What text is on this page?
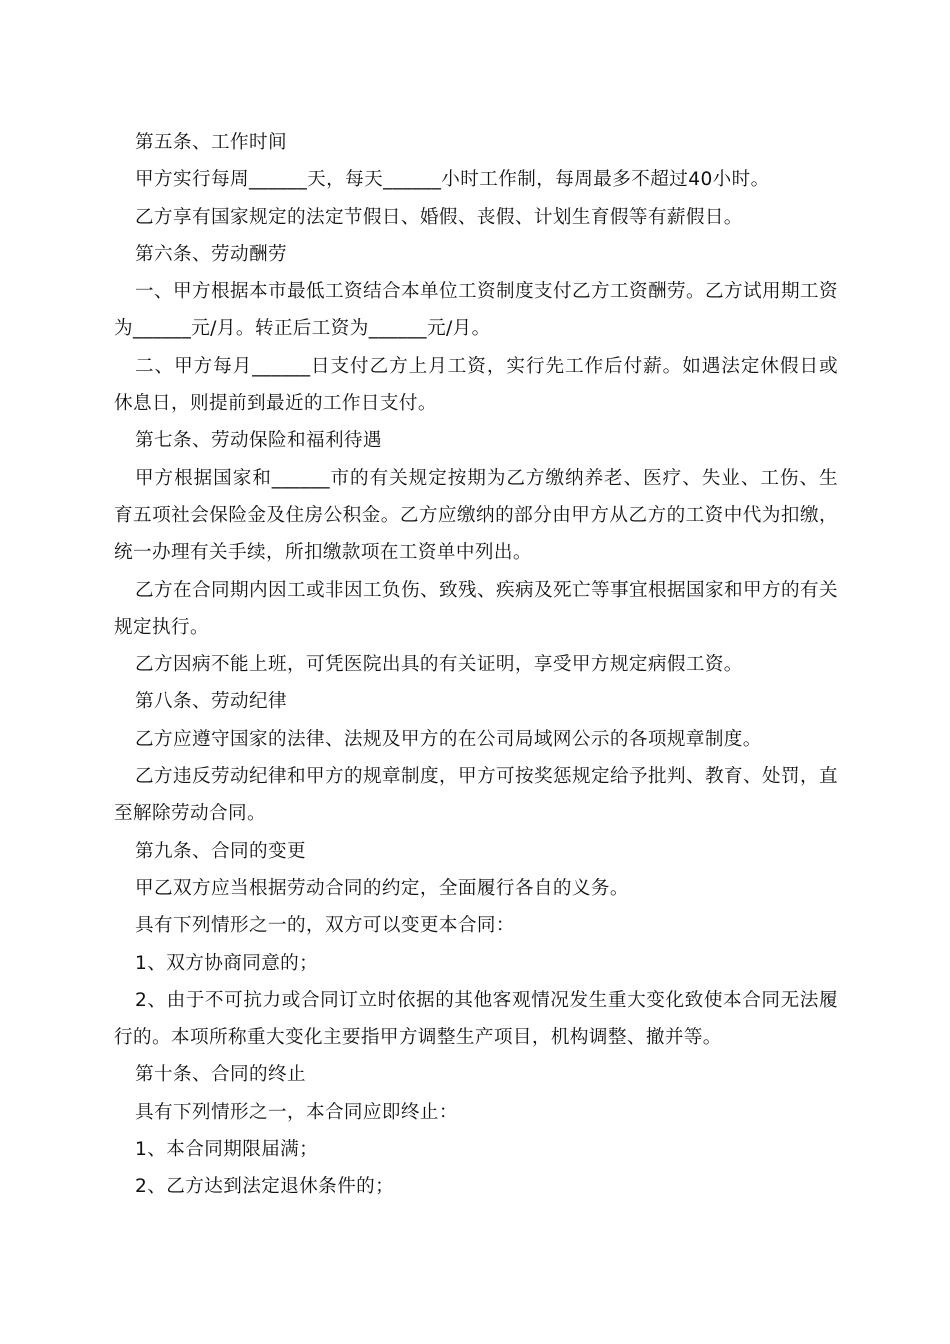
第五条、工作时间

甲方实行每周______天，每天______小时工作制，每周最多不超过40小时。

乙方享有国家规定的法定节假日、婚假、丧假、计划生育假等有薪假日。

第六条、劳动酬劳

一、甲方根据本市最低工资结合本单位工资制度支付乙方工资酬劳。乙方试用期工资为______元/月。转正后工资为______元/月。

二、甲方每月______日支付乙方上月工资，实行先工作后付薪。如遇法定休假日或休息日，则提前到最近的工作日支付。

第七条、劳动保险和福利待遇

甲方根据国家和______市的有关规定按期为乙方缴纳养老、医疗、失业、工伤、生育五项社会保险金及住房公积金。乙方应缴纳的部分由甲方从乙方的工资中代为扣缴，统一办理有关手续，所扣缴款项在工资单中列出。

乙方在合同期内因工或非因工负伤、致残、疾病及死亡等事宜根据国家和甲方的有关规定执行。

乙方因病不能上班，可凭医院出具的有关证明，享受甲方规定病假工资。

第八条、劳动纪律

乙方应遵守国家的法律、法规及甲方的在公司局域网公示的各项规章制度。

乙方违反劳动纪律和甲方的规章制度，甲方可按奖惩规定给予批判、教育、处罚，直至解除劳动合同。

第九条、合同的变更

甲乙双方应当根据劳动合同的约定，全面履行各自的义务。

具有下列情形之一的，双方可以变更本合同：

1、双方协商同意的；

2、由于不可抗力或合同订立时依据的其他客观情况发生重大变化致使本合同无法履行的。本项所称重大变化主要指甲方调整生产项目，机构调整、撤并等。

第十条、合同的终止

具有下列情形之一，本合同应即终止：

1、本合同期限届满；

2、乙方达到法定退休条件的；
